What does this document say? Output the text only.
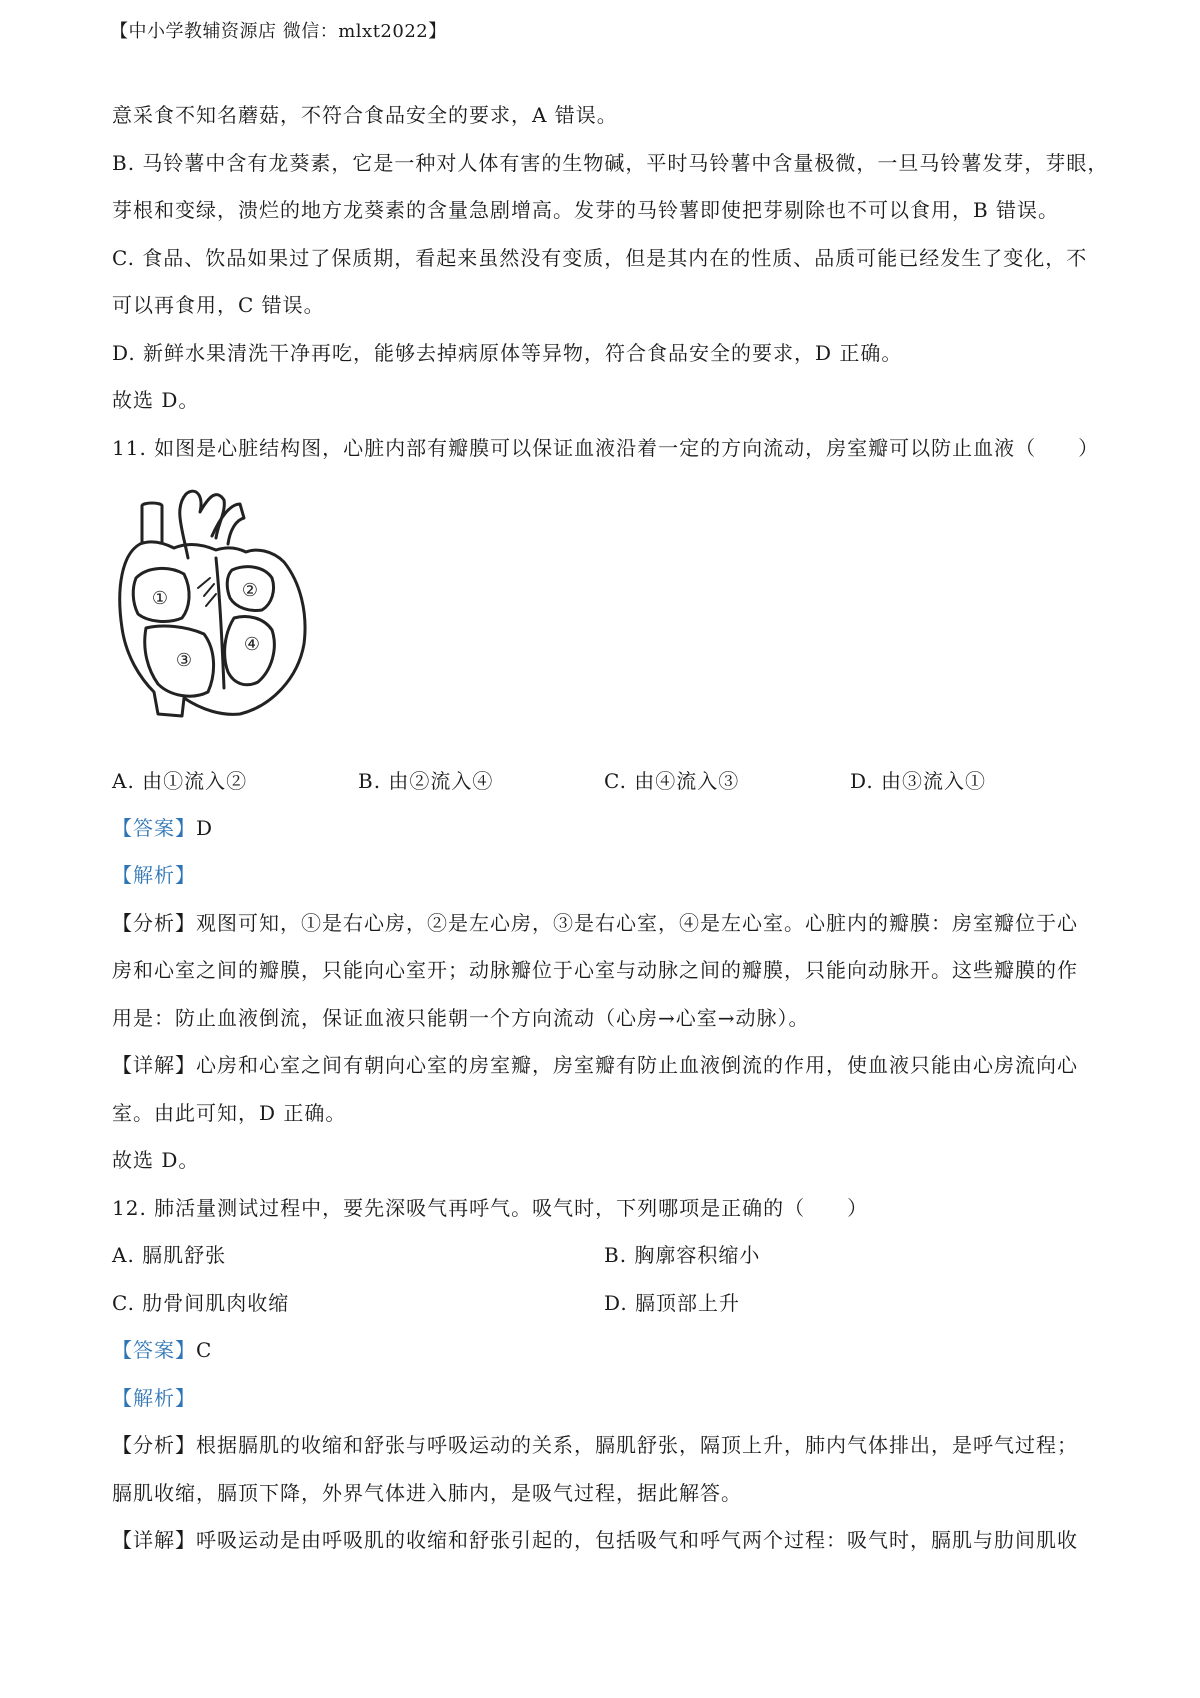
【中小学教辅资源店 微信：mlxt2022】
意采食不知名蘑菇，不符合食品安全的要求，A 错误。
B. 马铃薯中含有龙葵素，它是一种对人体有害的生物碱，平时马铃薯中含量极微，一旦马铃薯发芽，芽眼，
芽根和变绿，溃烂的地方龙葵素的含量急剧增高。发芽的马铃薯即使把芽剔除也不可以食用，B 错误。
C. 食品、饮品如果过了保质期，看起来虽然没有变质，但是其内在的性质、品质可能已经发生了变化，不
可以再食用，C 错误。
D. 新鲜水果清洗干净再吃，能够去掉病原体等异物，符合食品安全的要求，D 正确。
故选 D。
11. 如图是心脏结构图，心脏内部有瓣膜可以保证血液沿着一定的方向流动，房室瓣可以防止血液（　　）
①	②
③
④
A. 由①流入②	B. 由②流入④	C. 由④流入③	D. 由③流入①
【答案】D
【解析】
【分析】观图可知，①是右心房，②是左心房，③是右心室，④是左心室。心脏内的瓣膜：房室瓣位于心
房和心室之间的瓣膜，只能向心室开；动脉瓣位于心室与动脉之间的瓣膜，只能向动脉开。这些瓣膜的作
用是：防止血液倒流，保证血液只能朝一个方向流动（心房→心室→动脉）。
【详解】心房和心室之间有朝向心室的房室瓣，房室瓣有防止血液倒流的作用，使血液只能由心房流向心
室。由此可知，D 正确。
故选 D。
12. 肺活量测试过程中，要先深吸气再呼气。吸气时，下列哪项是正确的（　　）
A. 膈肌舒张	B. 胸廓容积缩小
C. 肋骨间肌肉收缩	D. 膈顶部上升
【答案】C
【解析】
【分析】根据膈肌的收缩和舒张与呼吸运动的关系，膈肌舒张，隔顶上升，肺内气体排出，是呼气过程；
膈肌收缩，膈顶下降，外界气体进入肺内，是吸气过程，据此解答。
【详解】呼吸运动是由呼吸肌的收缩和舒张引起的，包括吸气和呼气两个过程：吸气时，膈肌与肋间肌收
